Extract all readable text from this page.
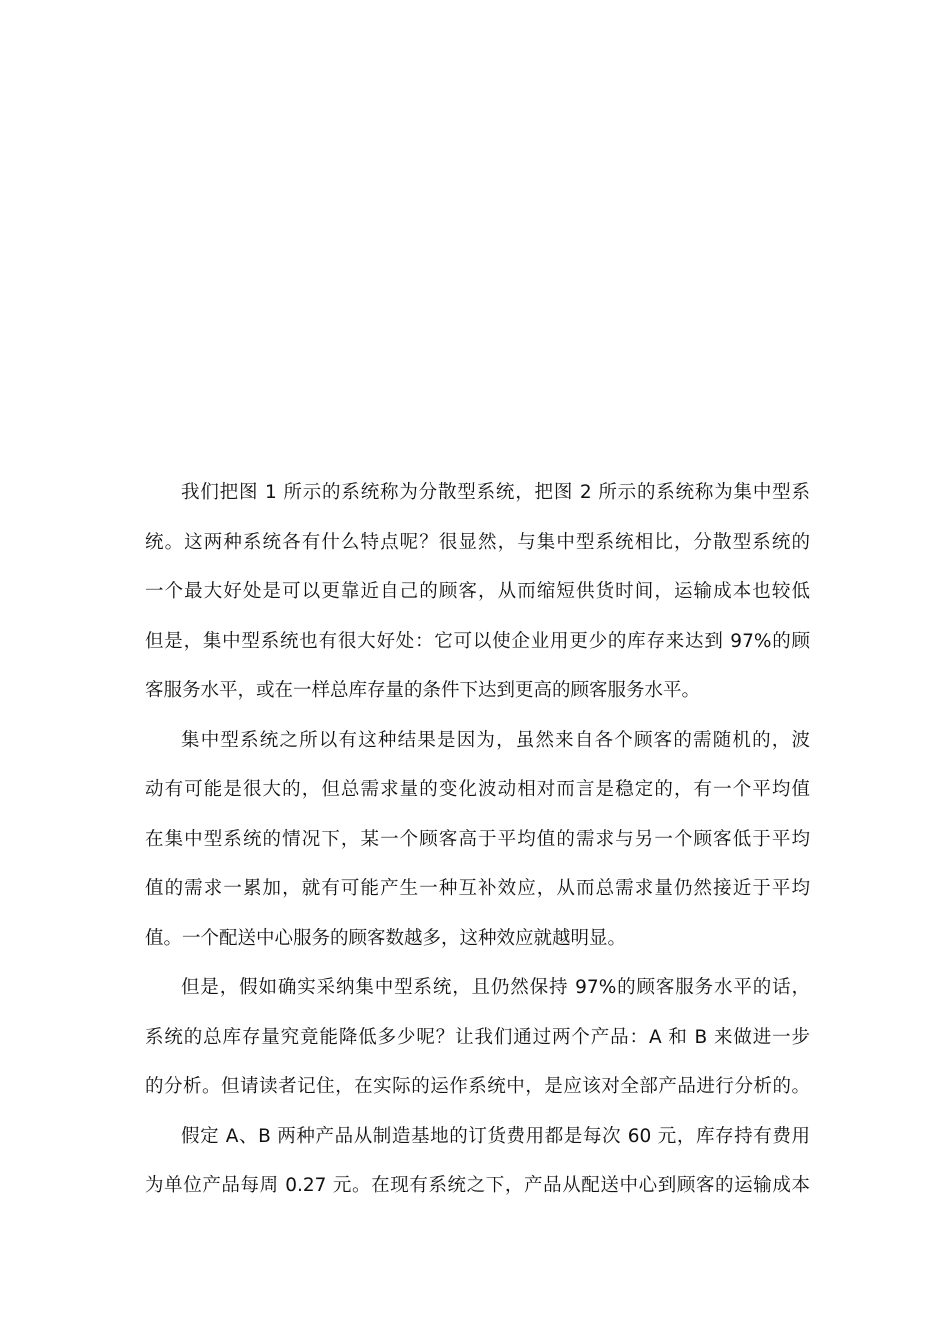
我们把图 1 所示的系统称为分散型系统，把图 2 所示的系统称为集中型系
统。这两种系统各有什么特点呢？很显然，与集中型系统相比，分散型系统的
一个最大好处是可以更靠近自己的顾客，从而缩短供货时间，运输成本也较低
但是，集中型系统也有很大好处：它可以使企业用更少的库存来达到 97%的顾
客服务水平，或在一样总库存量的条件下达到更高的顾客服务水平。
集中型系统之所以有这种结果是因为，虽然来自各个顾客的需随机的，波
动有可能是很大的，但总需求量的变化波动相对而言是稳定的，有一个平均值
在集中型系统的情况下，某一个顾客高于平均值的需求与另一个顾客低于平均
值的需求一累加，就有可能产生一种互补效应，从而总需求量仍然接近于平均
值。一个配送中心服务的顾客数越多，这种效应就越明显。
但是，假如确实采纳集中型系统，且仍然保持 97%的顾客服务水平的话，
系统的总库存量究竟能降低多少呢？让我们通过两个产品：A 和 B 来做进一步
的分析。但请读者记住，在实际的运作系统中，是应该对全部产品进行分析的。
假定 A、B 两种产品从制造基地的订货费用都是每次 60 元，库存持有费用
为单位产品每周 0.27 元。在现有系统之下，产品从配送中心到顾客的运输成本
